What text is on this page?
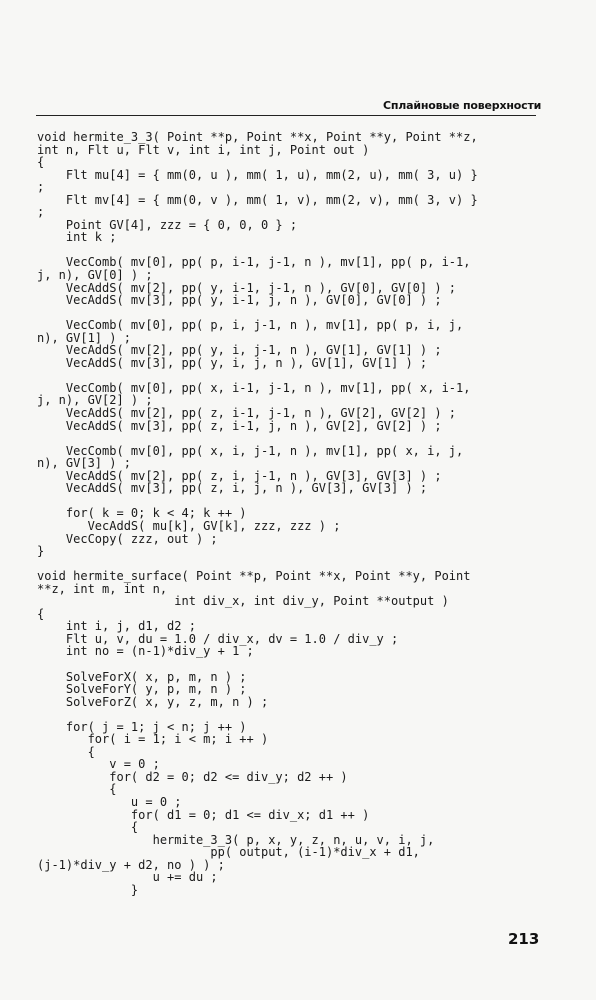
Сплайновые поверхности
void hermite_3_3( Point **p, Point **x, Point **y, Point **z,
int n, Flt u, Flt v, int i, int j, Point out )
{
Flt mu[4] = { mm(0, u ), mm( 1, u), mm(2, u), mm( 3, u) }
;
Flt mv[4] = { mm(0, v ), mm( 1, v), mm(2, v), mm( 3, v) }
;
Point GV[4], zzz = { 0, 0, 0 } ;
int k ;

VecComb( mv[0], pp( p, i-1, j-1, n ), mv[1], pp( p, i-1,
j, n), GV[0] ) ;
VecAddS( mv[2], pp( y, i-1, j-1, n ), GV[0], GV[0] ) ;
VecAddS( mv[3], pp( y, i-1, j, n ), GV[0], GV[0] ) ;

VecComb( mv[0], pp( p, i, j-1, n ), mv[1], pp( p, i, j,
n), GV[1] ) ;
VecAddS( mv[2], pp( y, i, j-1, n ), GV[1], GV[1] ) ;
VecAddS( mv[3], pp( y, i, j, n ), GV[1], GV[1] ) ;

VecComb( mv[0], pp( x, i-1, j-1, n ), mv[1], pp( x, i-1,
j, n), GV[2] ) ;
VecAddS( mv[2], pp( z, i-1, j-1, n ), GV[2], GV[2] ) ;
VecAddS( mv[3], pp( z, i-1, j, n ), GV[2], GV[2] ) ;

VecComb( mv[0], pp( x, i, j-1, n ), mv[1], pp( x, i, j,
n), GV[3] ) ;
VecAddS( mv[2], pp( z, i, j-1, n ), GV[3], GV[3] ) ;
VecAddS( mv[3], pp( z, i, j, n ), GV[3], GV[3] ) ;

for( k = 0; k < 4; k ++ )
VecAddS( mu[k], GV[k], zzz, zzz ) ;
VecCopy( zzz, out ) ;
}

void hermite_surface( Point **p, Point **x, Point **y, Point
**z, int m, int n,
int div_x, int div_y, Point **output )
{
int i, j, d1, d2 ;
Flt u, v, du = 1.0 / div_x, dv = 1.0 / div_y ;
int no = (n-1)*div_y + 1 ;

SolveForX( x, p, m, n ) ;
SolveForY( y, p, m, n ) ;
SolveForZ( x, y, z, m, n ) ;

for( j = 1; j < n; j ++ )
for( i = 1; i < m; i ++ )
{
v = 0 ;
for( d2 = 0; d2 <= div_y; d2 ++ )
{
u = 0 ;
for( d1 = 0; d1 <= div_x; d1 ++ )
{
hermite_3_3( p, x, y, z, n, u, v, i, j,
pp( output, (i-1)*div_x + d1,
(j-1)*div_y + d2, no ) ) ;
u += du ;
}
213
